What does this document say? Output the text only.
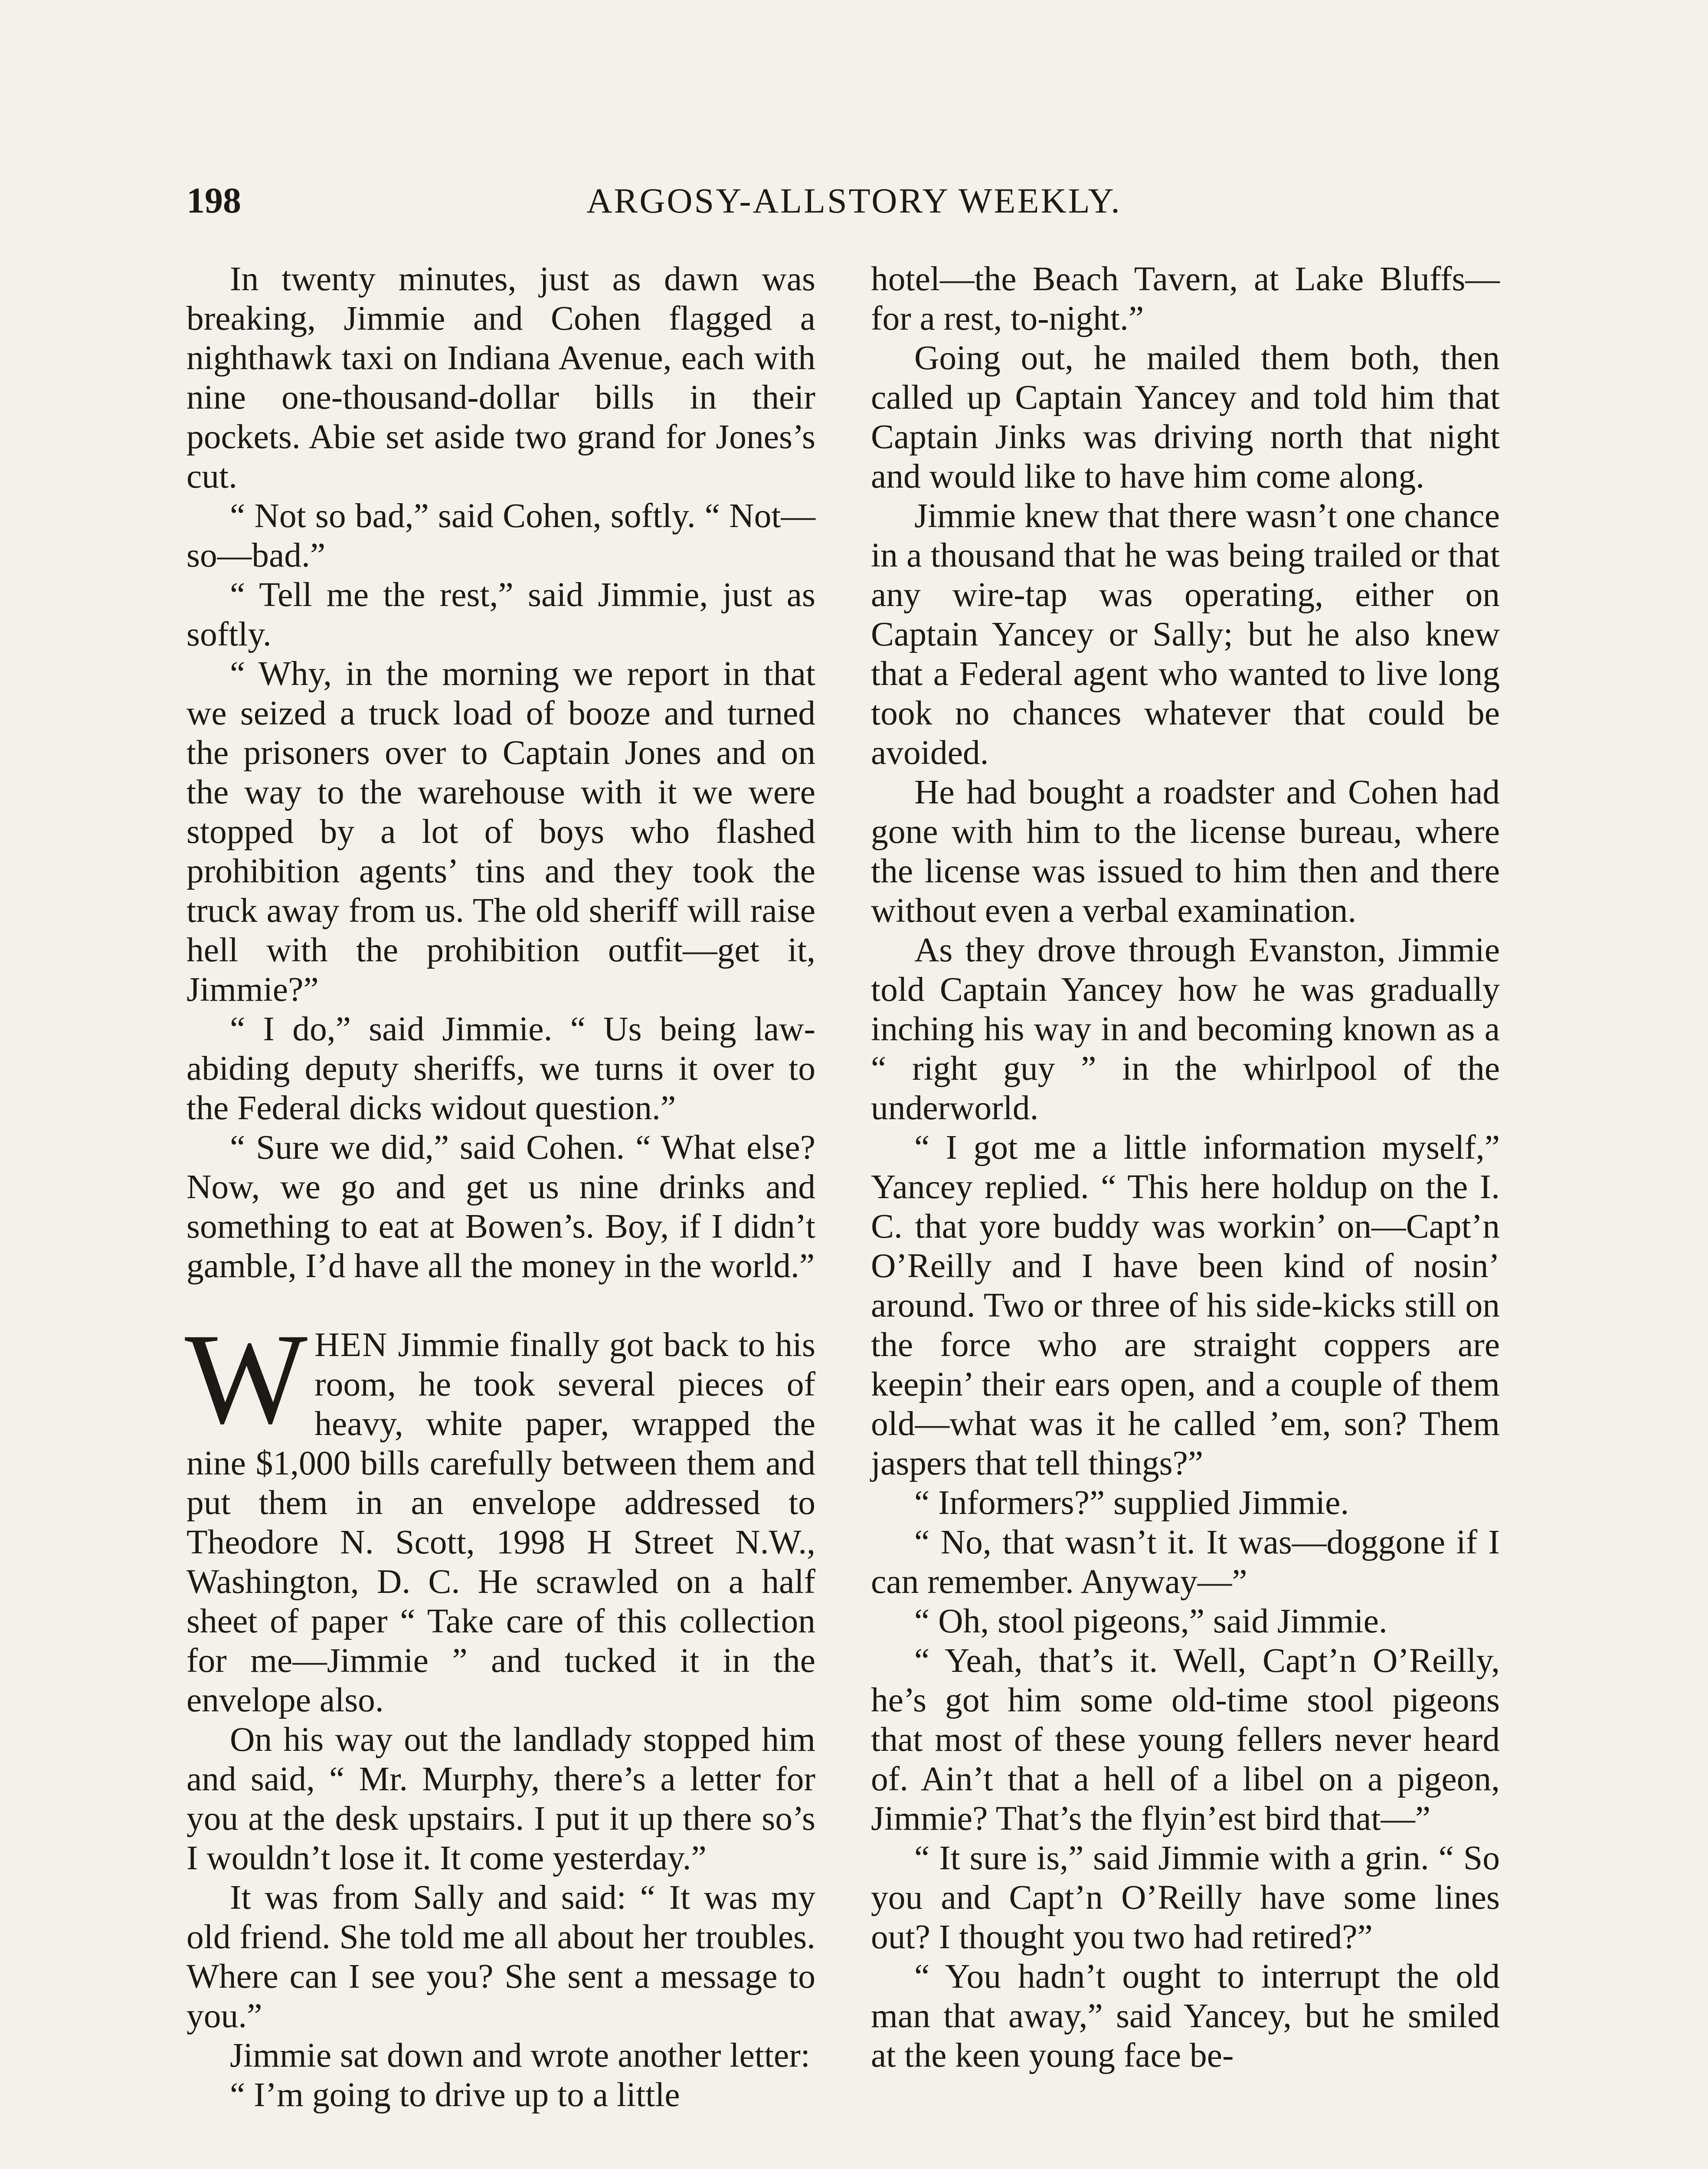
198	ARGOSY-ALLSTORY WEEKLY.

In twenty minutes, just as dawn was breaking, Jimmie and Cohen flagged a nighthawk taxi on Indiana Avenue, each with nine one-thousand-dollar bills in their pockets. Abie set aside two grand for Jones’s cut.

“ Not so bad,” said Cohen, softly. “ Not—so—bad.”

“ Tell me the rest,” said Jimmie, just as softly.

“ Why, in the morning we report in that we seized a truck load of booze and turned the prisoners over to Captain Jones and on the way to the warehouse with it we were stopped by a lot of boys who flashed prohibition agents’ tins and they took the truck away from us. The old sheriff will raise hell with the prohibition outfit—get it, Jimmie?”

“ I do,” said Jimmie. “ Us being law-abiding deputy sheriffs, we turns it over to the Federal dicks widout question.”

“ Sure we did,” said Cohen. “ What else? Now, we go and get us nine drinks and something to eat at Bowen’s. Boy, if I didn’t gamble, I’d have all the money in the world.”

WHEN Jimmie finally got back to his room, he took several pieces of heavy, white paper, wrapped the nine $1,000 bills carefully between them and put them in an envelope addressed to Theodore N. Scott, 1998 H Street N.W., Washington, D. C. He scrawled on a half sheet of paper “ Take care of this collection for me—Jimmie ” and tucked it in the envelope also.

On his way out the landlady stopped him and said, “ Mr. Murphy, there’s a letter for you at the desk upstairs. I put it up there so’s I wouldn’t lose it. It come yesterday.”

It was from Sally and said: “ It was my old friend. She told me all about her troubles. Where can I see you? She sent a message to you.”

Jimmie sat down and wrote another letter:

“ I’m going to drive up to a little

hotel—the Beach Tavern, at Lake Bluffs—for a rest, to-night.”

Going out, he mailed them both, then called up Captain Yancey and told him that Captain Jinks was driving north that night and would like to have him come along.

Jimmie knew that there wasn’t one chance in a thousand that he was being trailed or that any wire-tap was operating, either on Captain Yancey or Sally; but he also knew that a Federal agent who wanted to live long took no chances whatever that could be avoided.

He had bought a roadster and Cohen had gone with him to the license bureau, where the license was issued to him then and there without even a verbal examination.

As they drove through Evanston, Jimmie told Captain Yancey how he was gradually inching his way in and becoming known as a “ right guy ” in the whirlpool of the underworld.

“ I got me a little information myself,” Yancey replied. “ This here holdup on the I. C. that yore buddy was workin’ on—Capt’n O’Reilly and I have been kind of nosin’ around. Two or three of his side-kicks still on the force who are straight coppers are keepin’ their ears open, and a couple of them old—what was it he called ’em, son? Them jaspers that tell things?”

“ Informers?” supplied Jimmie.

“ No, that wasn’t it. It was—doggone if I can remember. Anyway—”

“ Oh, stool pigeons,” said Jimmie.

“ Yeah, that’s it. Well, Capt’n O’Reilly, he’s got him some old-time stool pigeons that most of these young fellers never heard of. Ain’t that a hell of a libel on a pigeon, Jimmie? That’s the flyin’est bird that—”

“ It sure is,” said Jimmie with a grin. “ So you and Capt’n O’Reilly have some lines out? I thought you two had retired?”

“ You hadn’t ought to interrupt the old man that away,” said Yancey, but he smiled at the keen young face be-
